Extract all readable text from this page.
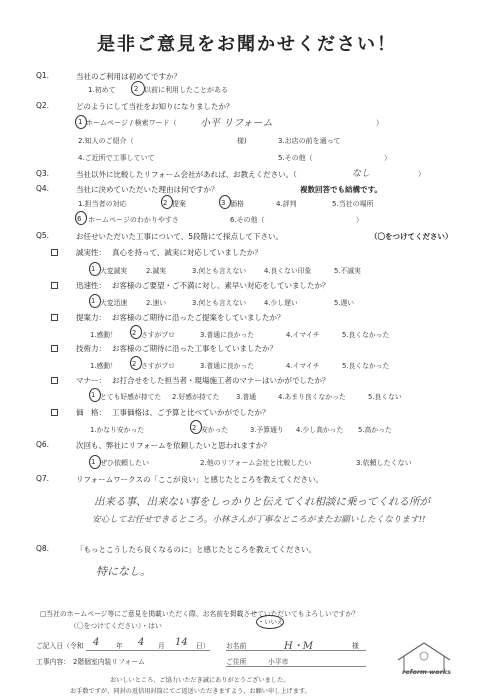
是非ご意見をお聞かせください！
Q1.	当社のご利用は初めてですか？
1.初めて	2 以前に利用したことがある
Q2.	どのようにして当社をお知りになりましたか？
1 ホームページ / 検索ワード（ 小平 リフォーム	）
2.知人のご紹介（	様)	3.お店の前を通って
4.ご近所で工事していて	5.その他（	）
Q3.	当社以外に比較したリフォーム会社があれば、お教えください。（	なし	）
Q4.	当社に決めていただいた理由は何ですか？	複数回答でも結構です。
1.担当者の対応	2 提案	3 価格	4.評判	5.当社の場所
6 ホームページのわかりやすさ	6.その他（	）
Q5.	お任せいただいた工事について、5段階にて採点して下さい。	（〇をつけてください）
誠実性： 真心を持って、誠実に対応していましたか？
1 大変誠実	2.誠実	3.何とも言えない	4.良くない印象	5.不誠実
迅速性： お客様のご要望・ご不満に対し、素早い対応をしていましたか？
1 大変迅速	2.速い	3.何とも言えない	4.少し遅い	5.遅い
提案力： お客様のご期待に沿ったご提案をしていましたか？
1.感動！ 2 さすがプロ	3.普通に良かった	4.イマイチ	5.良くなかった
技術力： お客様のご期待に沿った工事をしていましたか？
1.感動！ 2 さすがプロ	3.普通に良かった	4.イマイチ	5.良くなかった
マナー： お打合せをした担当者・現場施工者のマナーはいかがでしたか？
1 とても好感が持てた 2.好感が持てた 3.普通	4.あまり良くなかった	5.良くない
価　格： 工事価格は、ご予算と比べていかがでしたか？
1.かなり安かった	2 安かった	3.予算通り 4.少し高かった 5.高かった
Q6.	次回も、弊社にリフォームを依頼したいと思われますか？
1 ぜひ依頼したい	2.他のリフォーム会社と比較したい	3.依頼したくない
Q7.	リフォームワークスの「ここが良い」と感じたところを教えてください。
出来る事、出来ない事をしっかりと伝えてくれ相談に乗ってくれる所が
安心してお任せできるところ。小林さんが丁寧なところがまたお願いしたくなります!!
Q8.	「もっとこうしたら良くなるのに」と感じたところを教えてください。
特になし。
□当社のホームページ等にご意見を掲載いただく際、お名前を掲載させていただいてもよろしいですか？
（〇をつけてください）・はい	・いいえ
ご記入日（令和 4 年 4 月 14 日）
工事内容： 2階個室内装リフォーム
お名前	H・M	様
ご住所	小平市
おいしいところ、ご協力いただき誠にありがとうございました。
お手数ですが、同封の返信用封筒にてご返送いただきますよう、お願い申し上げます。
reform works
